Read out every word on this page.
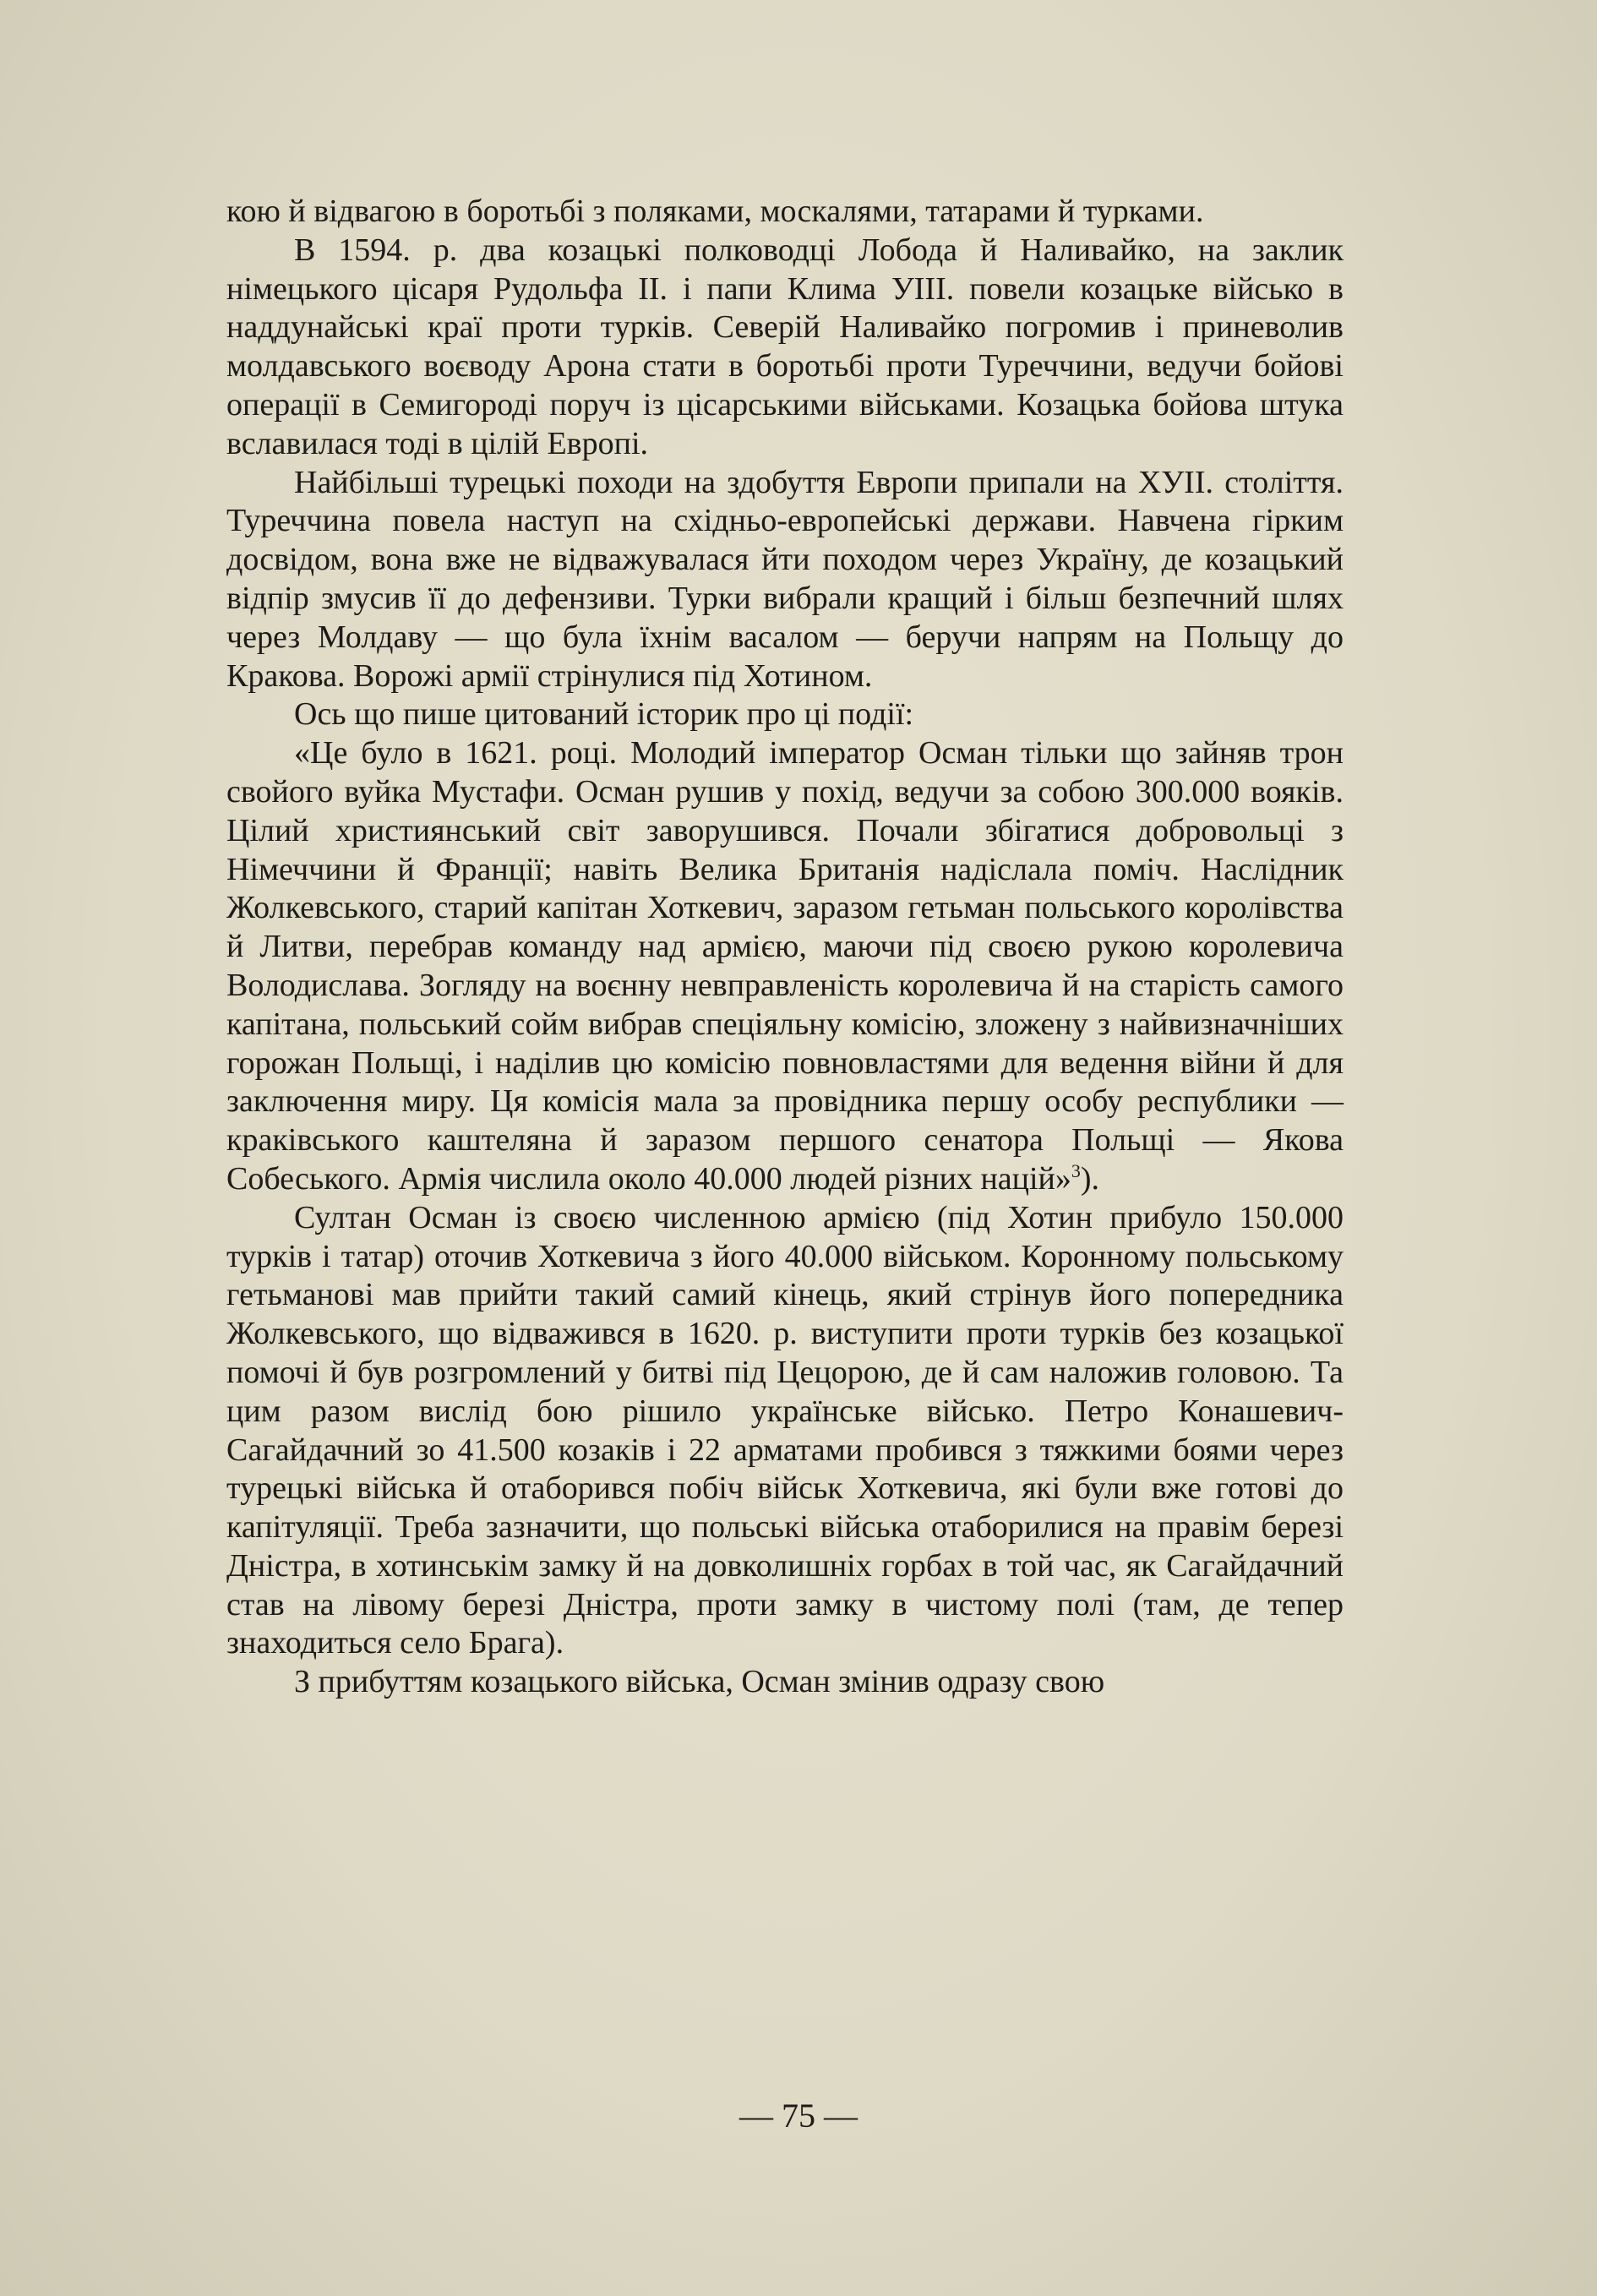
кою й відвагою в боротьбі з поляками, москалями, татарами й турками.

В 1594. р. два козацькі полководці Лобода й Наливайко, на заклик німецького цісаря Рудольфа II. і папи Клима УІІІ. повели козацьке військо в наддунайські краї проти турків. Северій Наливайко погромив і приневолив молдавського воєводу Арона стати в боротьбі проти Туреччини, ведучи бойові операції в Семигороді поруч із цісарськими військами. Козацька бойова штука вславилася тоді в цілій Европі.

Найбільші турецькі походи на здобуття Европи припали на ХУІІ. століття. Туреччина повела наступ на східньо-европейські держави. Навчена гірким досвідом, вона вже не відважувалася йти походом через Україну, де козацький відпір змусив її до дефензиви. Турки вибрали кращий і більш безпечний шлях через Молдаву — що була їхнім васалом — беручи напрям на Польщу до Кракова. Ворожі армії стрінулися під Хотином.

Ось що пише цитований історик про ці події:

«Це було в 1621. році. Молодий імператор Осман тільки що зайняв трон свойого вуйка Мустафи. Осман рушив у похід, ведучи за собою 300.000 вояків. Цілий християнський світ заворушився. Почали збігатися добровольці з Німеччини й Франції; навіть Велика Британія надіслала поміч. Наслідник Жолкевського, старий капітан Хоткевич, заразом гетьман польського королівства й Литви, перебрав команду над армією, маючи під своєю рукою королевича Володислава. Зогляду на воєнну невправленість королевича й на старість самого капітана, польський сойм вибрав спеціяльну комісію, зложену з найвизначніших горожан Польщі, і наділив цю комісію повновластями для ведення війни й для заключення миру. Ця комісія мала за провідника першу особу республики — краківського каштеляна й заразом першого сенатора Польщі — Якова Собеського. Армія числила около 40.000 людей різних націй»$^3$).

Султан Осман із своєю численною армією (під Хотин прибуло 150.000 турків і татар) оточив Хоткевича з його 40.000 військом. Коронному польському гетьманові мав прийти такий самий кінець, який стрінув його попередника Жолкевського, що відважився в 1620. р. виступити проти турків без козацької помочі й був розгромлений у битві під Цецорою, де й сам наложив головою. Та цим разом вислід бою рішило українське військо. Петро Конашевич-Сагайдачний зо 41.500 козаків і 22 арматами пробився з тяжкими боями через турецькі війська й отаборився побіч військ Хоткевича, які були вже готові до капітуляції. Треба зазначити, що польські війська отаборилися на правім березі Дністра, в хотинськім замку й на довколишніх горбах в той час, як Сагайдачний став на лівому березі Дністра, проти замку в чистому полі (там, де тепер знаходиться село Брага).

З прибуттям козацького війська, Осман змінив одразу свою

— 75 —
